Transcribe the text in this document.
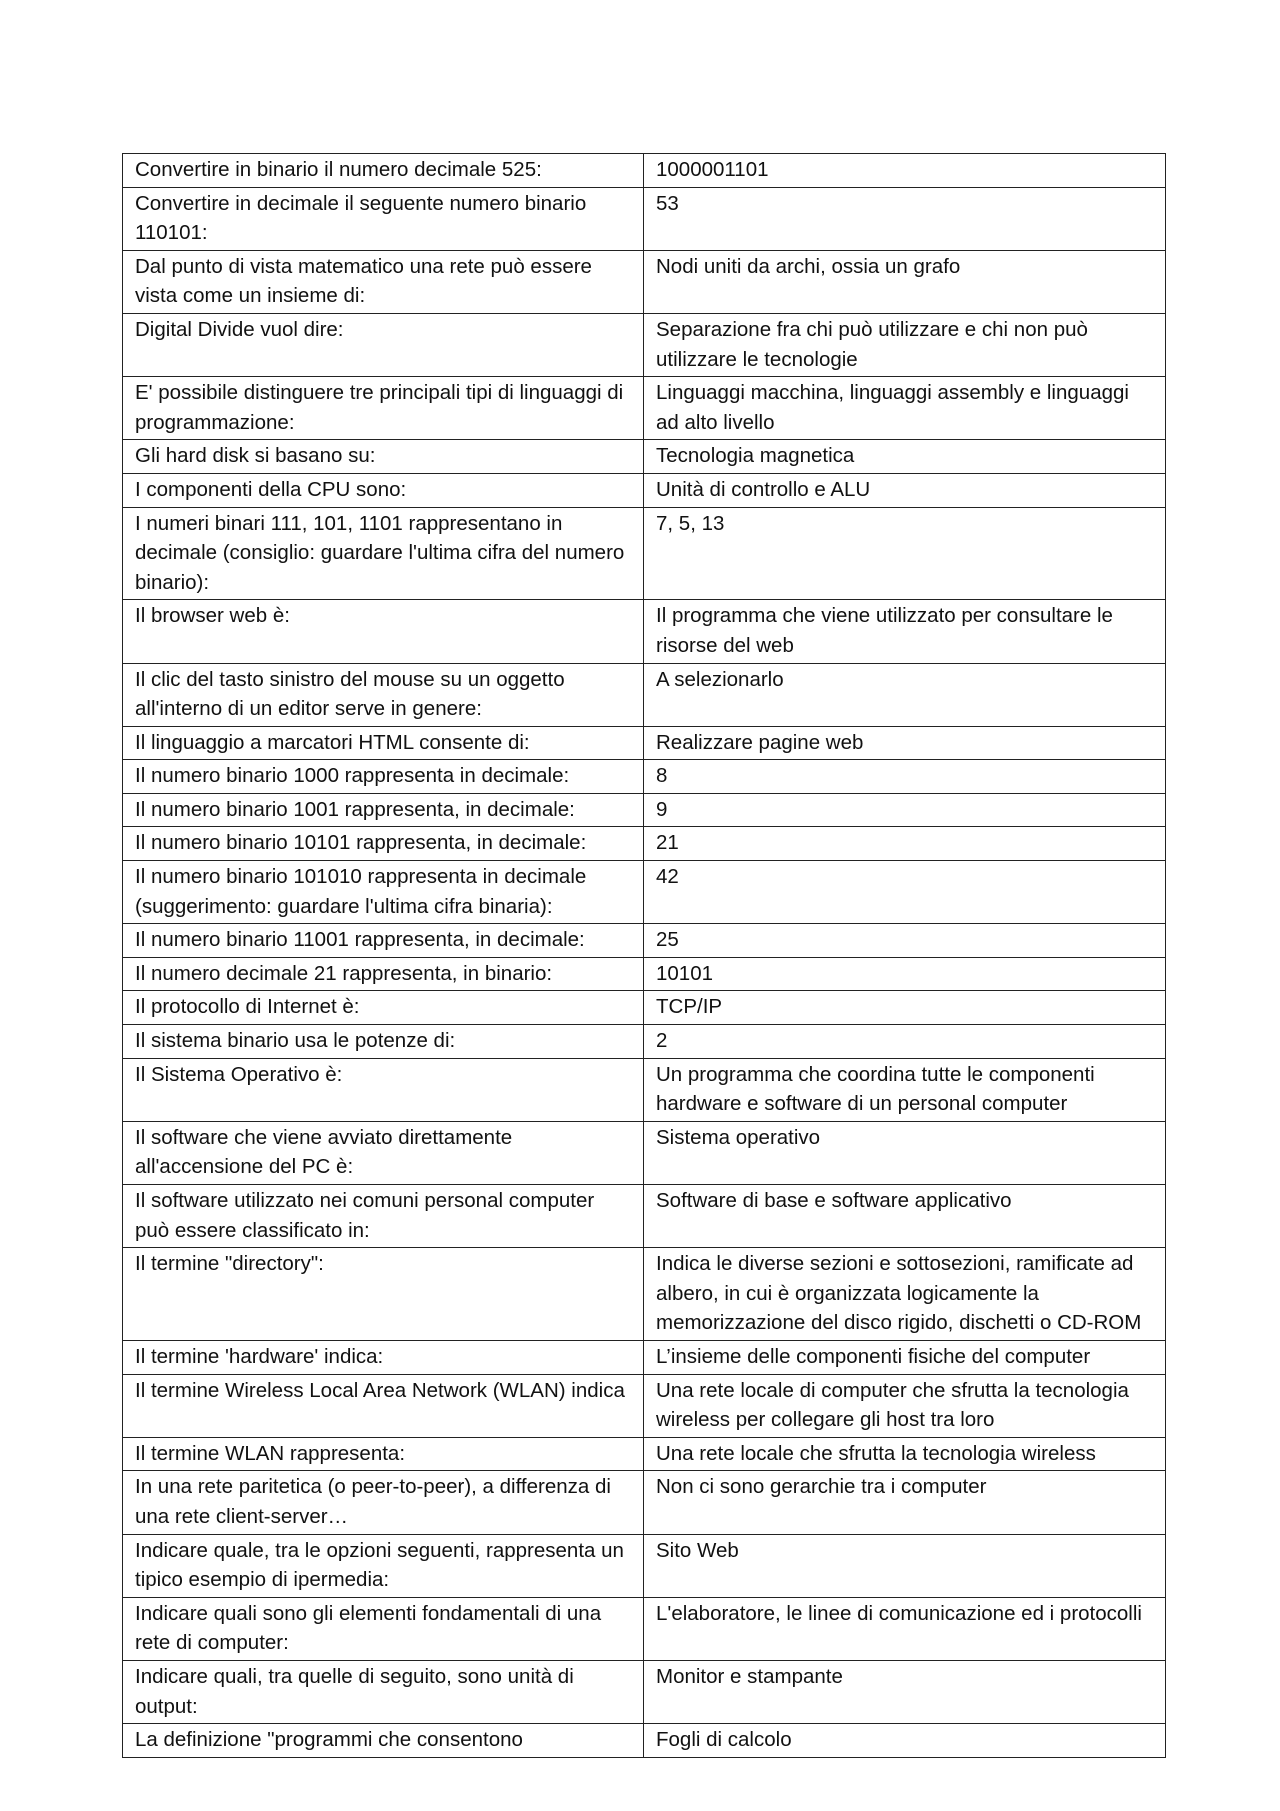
Convertire in binario il numero decimale 525:	1000001101
Convertire in decimale il seguente numero binario 110101:	53
Dal punto di vista matematico una rete può essere vista come un insieme di:	Nodi uniti da archi, ossia un grafo
Digital Divide vuol dire:	Separazione fra chi può utilizzare e chi non può utilizzare le tecnologie
E' possibile distinguere tre principali tipi di linguaggi di programmazione:	Linguaggi macchina, linguaggi assembly e linguaggi ad alto livello
Gli hard disk si basano su:	Tecnologia magnetica
I componenti della CPU sono:	Unità di controllo e ALU
I numeri binari 111, 101, 1101 rappresentano in decimale (consiglio: guardare l'ultima cifra del numero binario):	7, 5, 13
Il browser web è:	Il programma che viene utilizzato per consultare le risorse del web
Il clic del tasto sinistro del mouse su un oggetto all'interno di un editor serve in genere:	A selezionarlo
Il linguaggio a marcatori HTML consente di:	Realizzare pagine web
Il numero binario 1000 rappresenta in decimale:	8
Il numero binario 1001 rappresenta, in decimale:	9
Il numero binario 10101 rappresenta, in decimale:	21
Il numero binario 101010 rappresenta in decimale (suggerimento: guardare l'ultima cifra binaria):	42
Il numero binario 11001 rappresenta, in decimale:	25
Il numero decimale 21 rappresenta, in binario:	10101
Il protocollo di Internet è:	TCP/IP
Il sistema binario usa le potenze di:	2
Il Sistema Operativo è:	Un programma che coordina tutte le componenti hardware e software di un personal computer
Il software che viene avviato direttamente all'accensione del PC è:	Sistema operativo
Il software utilizzato nei comuni personal computer può essere classificato in:	Software di base e software applicativo
Il termine "directory":	Indica le diverse sezioni e sottosezioni, ramificate ad albero, in cui è organizzata logicamente la memorizzazione del disco rigido, dischetti o CD-ROM
Il termine 'hardware' indica:	L’insieme delle componenti fisiche del computer
Il termine Wireless Local Area Network (WLAN) indica	Una rete locale di computer che sfrutta la tecnologia wireless per collegare gli host tra loro
Il termine WLAN rappresenta:	Una rete locale che sfrutta la tecnologia wireless
In una rete paritetica (o peer-to-peer), a differenza di una rete client-server…	Non ci sono gerarchie tra i computer
Indicare quale, tra le opzioni seguenti, rappresenta un tipico esempio di ipermedia:	Sito Web
Indicare quali sono gli elementi fondamentali di una rete di computer:	L'elaboratore, le linee di comunicazione ed i protocolli
Indicare quali, tra quelle di seguito, sono unità di output:	Monitor e stampante
La definizione "programmi che consentono	Fogli di calcolo
